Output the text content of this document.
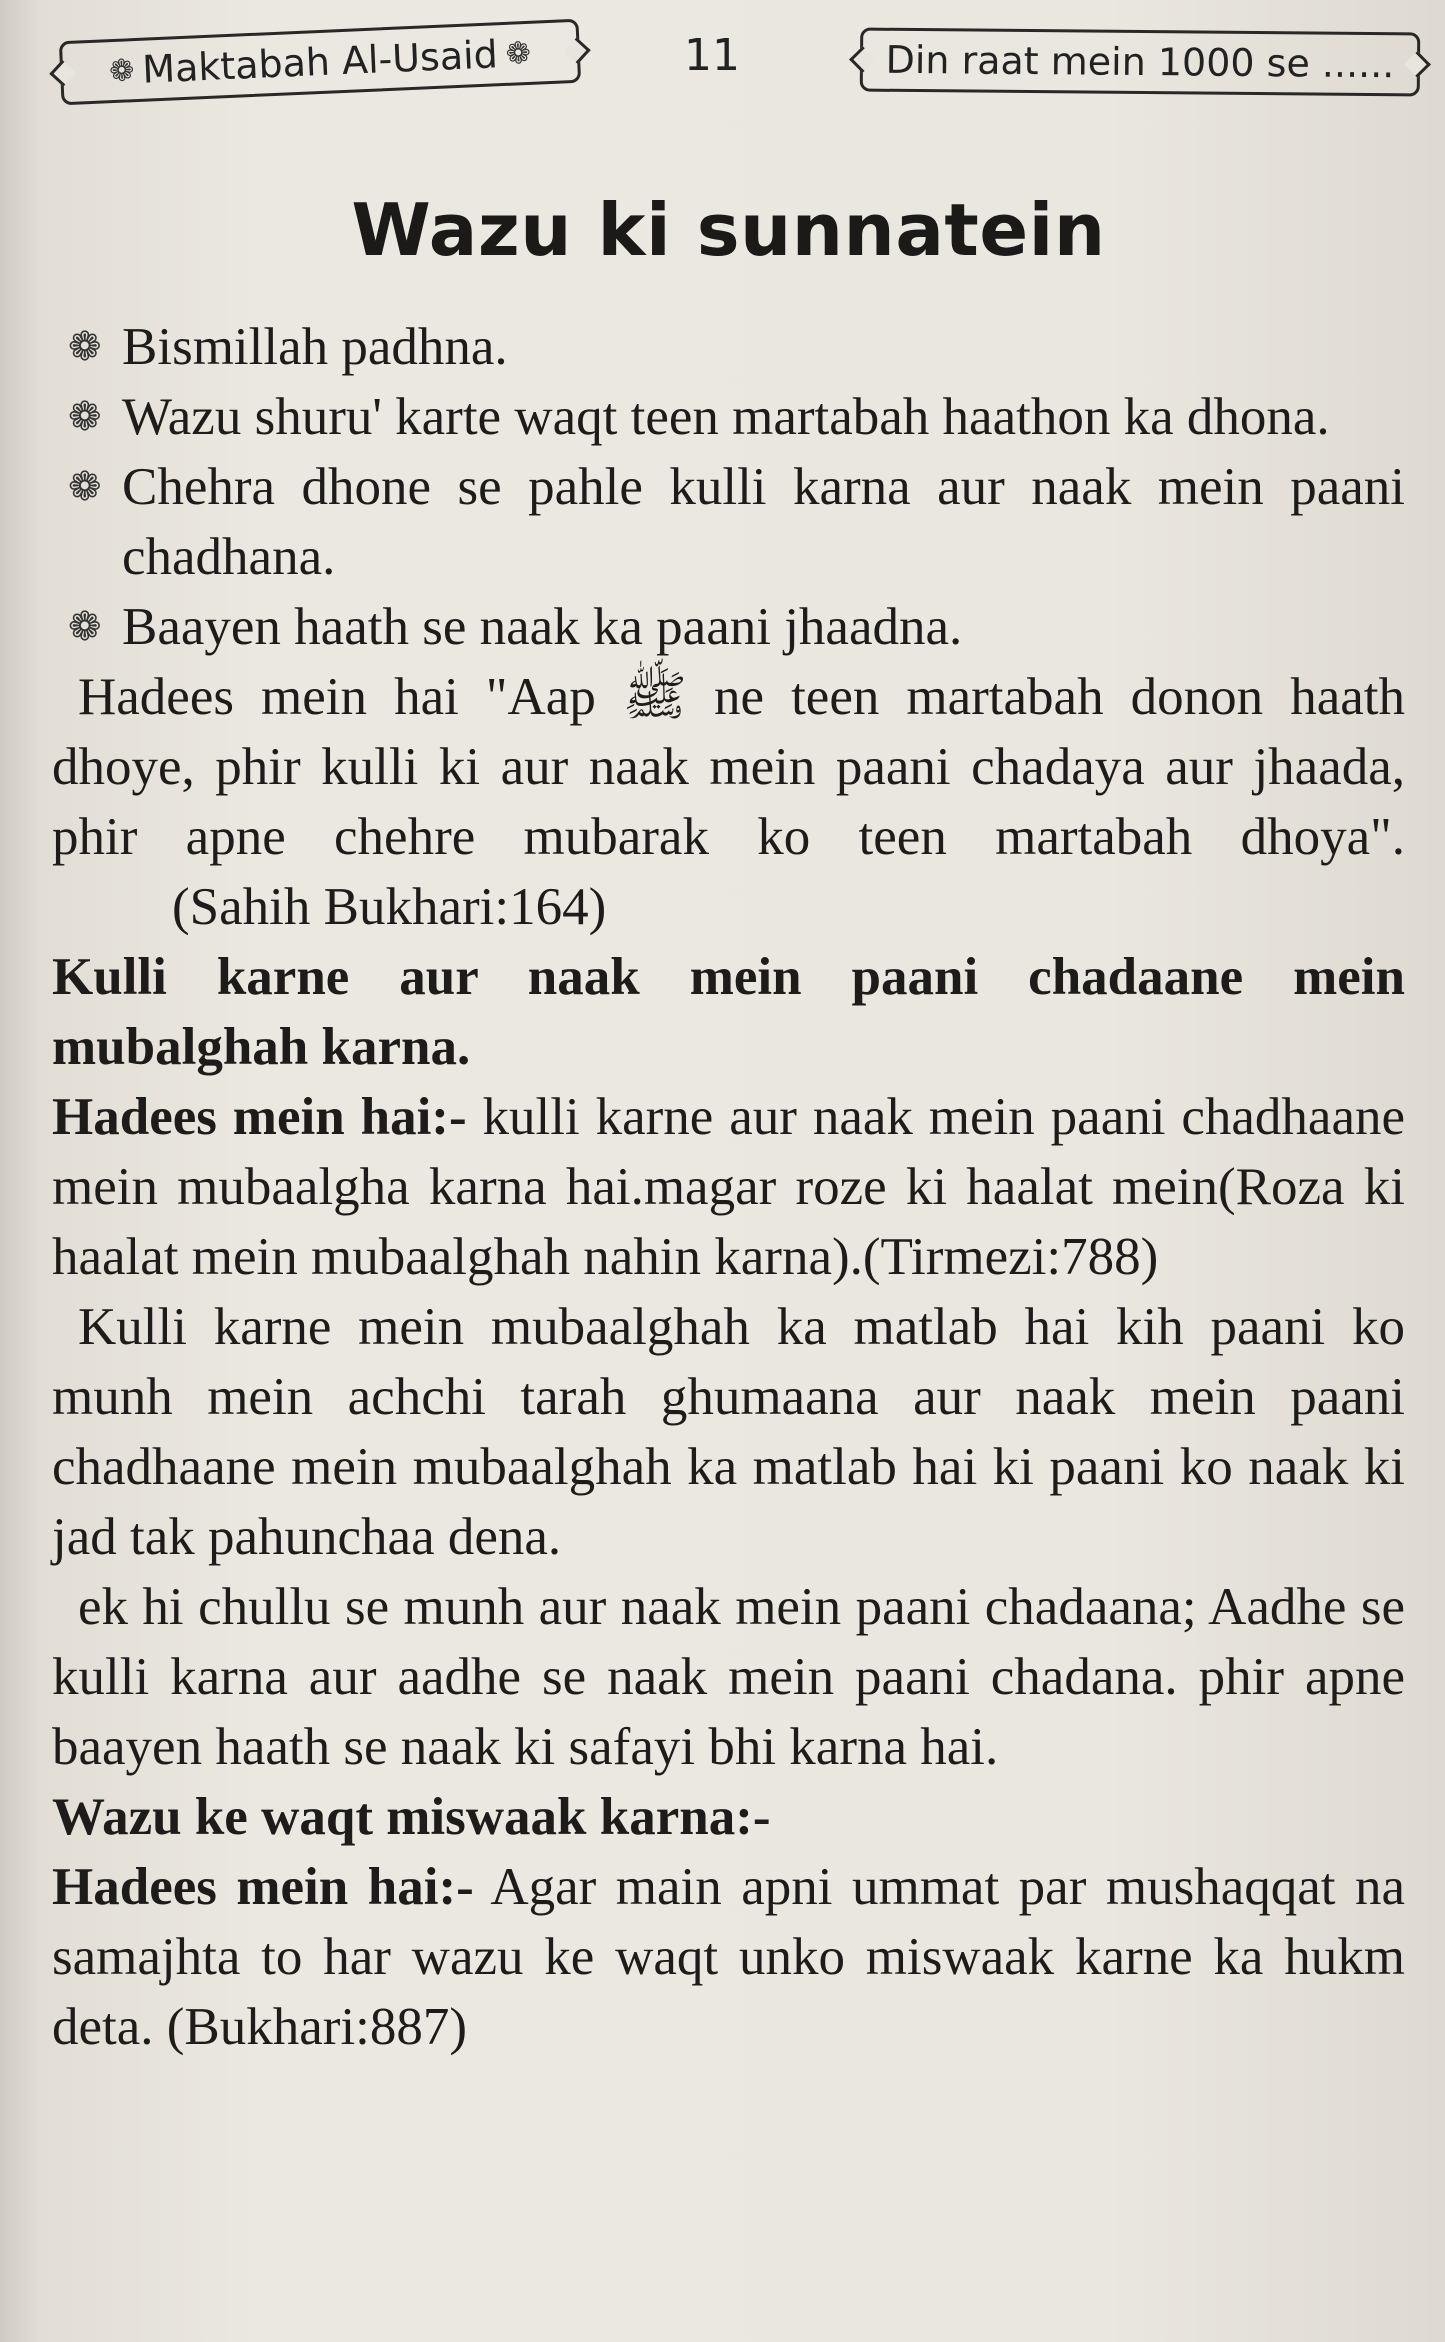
❁ Maktabah Al-Usaid ❁	11	Din raat mein 1000 se ......
Wazu ki sunnatein

❁ Bismillah padhna.

❁ Wazu shuru' karte waqt teen martabah haathon ka dhona.

❁ Chehra dhone se pahle kulli karna aur naak mein paani chadhana.

❁ Baayen haath se naak ka paani jhaadna.

Hadees mein hai "Aap ﷺ ne teen martabah donon haath dhoye, phir kulli ki aur naak mein paani chadaya aur jhaada, phir apne chehre mubarak ko teen martabah dhoya".(Sahih Bukhari:164)

Kulli karne aur naak mein paani chadaane mein mubalghah karna.

Hadees mein hai:- kulli karne aur naak mein paani chadhaane mein mubaalgha karna hai.magar roze ki haalat mein(Roza ki haalat mein mubaalghah nahin karna).(Tirmezi:788)

Kulli karne mein mubaalghah ka matlab hai kih paani ko munh mein achchi tarah ghumaana aur naak mein paani chadhaane mein mubaalghah ka matlab hai ki paani ko naak ki jad tak pahunchaa dena.

ek hi chullu se munh aur naak mein paani chadaana; Aadhe se kulli karna aur aadhe se naak mein paani chadana. phir apne baayen haath se naak ki safayi bhi karna hai.

Wazu ke waqt miswaak karna:-

Hadees mein hai:- Agar main apni ummat par mushaqqat na samajhta to har wazu ke waqt unko miswaak karne ka hukm deta. (Bukhari:887)
